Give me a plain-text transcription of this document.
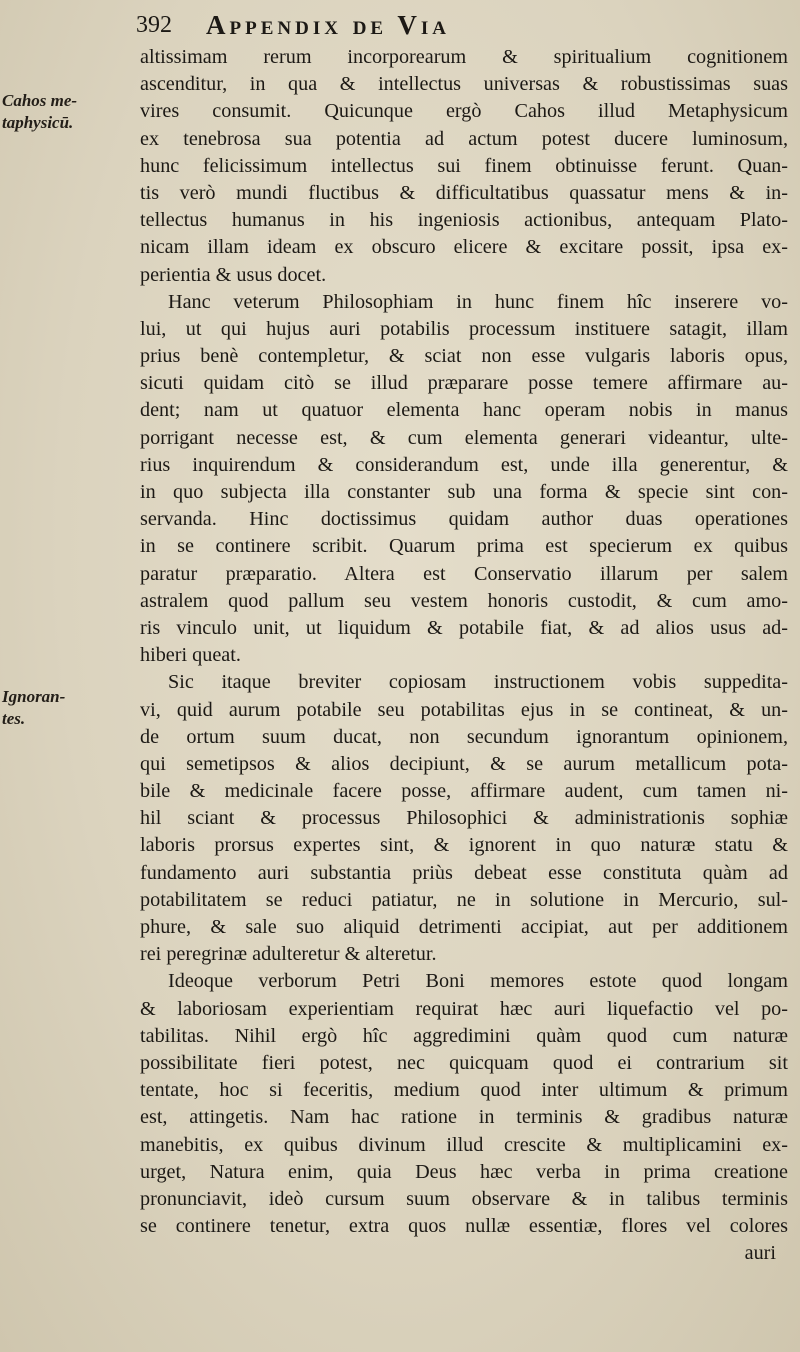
392 Appendix de Via
Cahos me-
taphysicū.
Ignoran-
tes.
altissimam rerum incorporearum & spiritualium cognitionem
ascenditur, in qua & intellectus universas & robustissimas suas
vires consumit. Quicunque ergò Cahos illud Metaphysicum
ex tenebrosa sua potentia ad actum potest ducere luminosum,
hunc felicissimum intellectus sui finem obtinuisse ferunt. Quan-
tis verò mundi fluctibus & difficultatibus quassatur mens & in-
tellectus humanus in his ingeniosis actionibus, antequam Plato-
nicam illam ideam ex obscuro elicere & excitare possit, ipsa ex-
perientia & usus docet.
Hanc veterum Philosophiam in hunc finem hîc inserere vo-
lui, ut qui hujus auri potabilis processum instituere satagit, illam
prius benè contempletur, & sciat non esse vulgaris laboris opus,
sicuti quidam citò se illud præparare posse temere affirmare au-
dent; nam ut quatuor elementa hanc operam nobis in manus
porrigant necesse est, & cum elementa generari videantur, ulte-
rius inquirendum & considerandum est, unde illa generentur, &
in quo subjecta illa constanter sub una forma & specie sint con-
servanda. Hinc doctissimus quidam author duas operationes
in se continere scribit. Quarum prima est specierum ex quibus
paratur præparatio. Altera est Conservatio illarum per salem
astralem quod pallum seu vestem honoris custodit, & cum amo-
ris vinculo unit, ut liquidum & potabile fiat, & ad alios usus ad-
hiberi queat.
Sic itaque breviter copiosam instructionem vobis suppedita-
vi, quid aurum potabile seu potabilitas ejus in se contineat, & un-
de ortum suum ducat, non secundum ignorantum opinionem,
qui semetipsos & alios decipiunt, & se aurum metallicum pota-
bile & medicinale facere posse, affirmare audent, cum tamen ni-
hil sciant & processus Philosophici & administrationis sophiæ
laboris prorsus expertes sint, & ignorent in quo naturæ statu &
fundamento auri substantia priùs debeat esse constituta quàm ad
potabilitatem se reduci patiatur, ne in solutione in Mercurio, sul-
phure, & sale suo aliquid detrimenti accipiat, aut per additionem
rei peregrinæ adulteretur & alteretur.
Ideoque verborum Petri Boni memores estote quod longam
& laboriosam experientiam requirat hæc auri liquefactio vel po-
tabilitas. Nihil ergò hîc aggredimini quàm quod cum naturæ
possibilitate fieri potest, nec quicquam quod ei contrarium sit
tentate, hoc si feceritis, medium quod inter ultimum & primum
est, attingetis. Nam hac ratione in terminis & gradibus naturæ
manebitis, ex quibus divinum illud crescite & multiplicamini ex-
urget, Natura enim, quia Deus hæc verba in prima creatione
pronunciavit, ideò cursum suum observare & in talibus terminis
se continere tenetur, extra quos nullæ essentiæ, flores vel colores
auri
